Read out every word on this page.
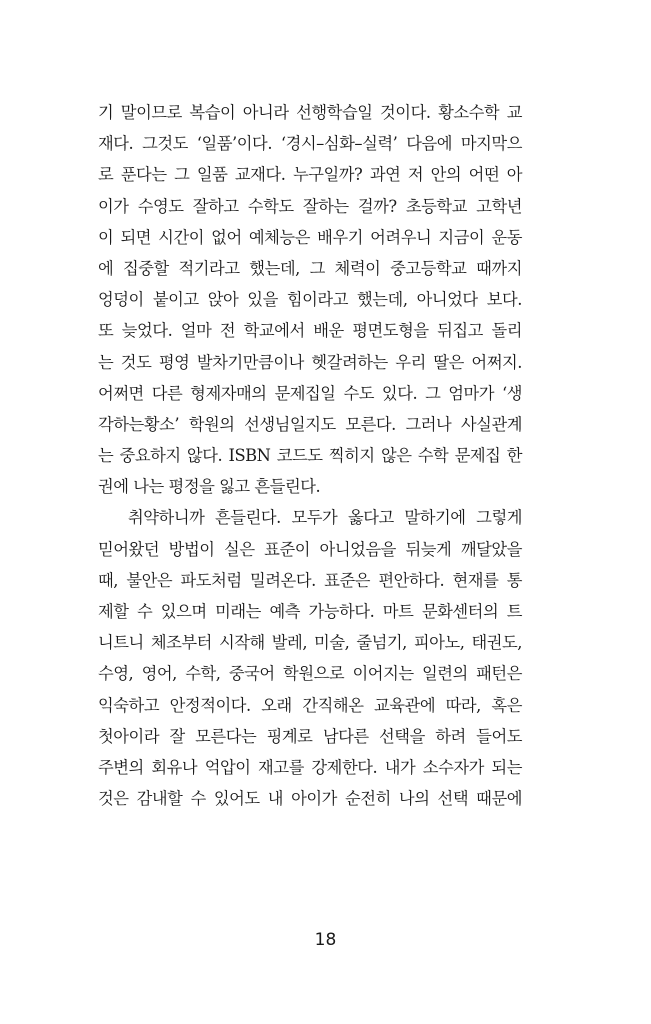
기 말이므로 복습이 아니라 선행학습일 것이다. 황소수학 교
재다. 그것도 ‘일품’이다. ‘경시–심화–실력’ 다음에 마지막으
로 푼다는 그 일품 교재다. 누구일까? 과연 저 안의 어떤 아
이가 수영도 잘하고 수학도 잘하는 걸까? 초등학교 고학년
이 되면 시간이 없어 예체능은 배우기 어려우니 지금이 운동
에 집중할 적기라고 했는데, 그 체력이 중고등학교 때까지
엉덩이 붙이고 앉아 있을 힘이라고 했는데, 아니었다 보다.
또 늦었다. 얼마 전 학교에서 배운 평면도형을 뒤집고 돌리
는 것도 평영 발차기만큼이나 헷갈려하는 우리 딸은 어쩌지.
어쩌면 다른 형제자매의 문제집일 수도 있다. 그 엄마가 ‘생
각하는황소’ 학원의 선생님일지도 모른다. 그러나 사실관계
는 중요하지 않다. ISBN 코드도 찍히지 않은 수학 문제집 한
권에 나는 평정을 잃고 흔들린다.
취약하니까 흔들린다. 모두가 옳다고 말하기에 그렇게
믿어왔던 방법이 실은 표준이 아니었음을 뒤늦게 깨달았을
때, 불안은 파도처럼 밀려온다. 표준은 편안하다. 현재를 통
제할 수 있으며 미래는 예측 가능하다. 마트 문화센터의 트
니트니 체조부터 시작해 발레, 미술, 줄넘기, 피아노, 태권도,
수영, 영어, 수학, 중국어 학원으로 이어지는 일련의 패턴은
익숙하고 안정적이다. 오래 간직해온 교육관에 따라, 혹은
첫아이라 잘 모른다는 핑계로 남다른 선택을 하려 들어도
주변의 회유나 억압이 재고를 강제한다. 내가 소수자가 되는
것은 감내할 수 있어도 내 아이가 순전히 나의 선택 때문에
18
